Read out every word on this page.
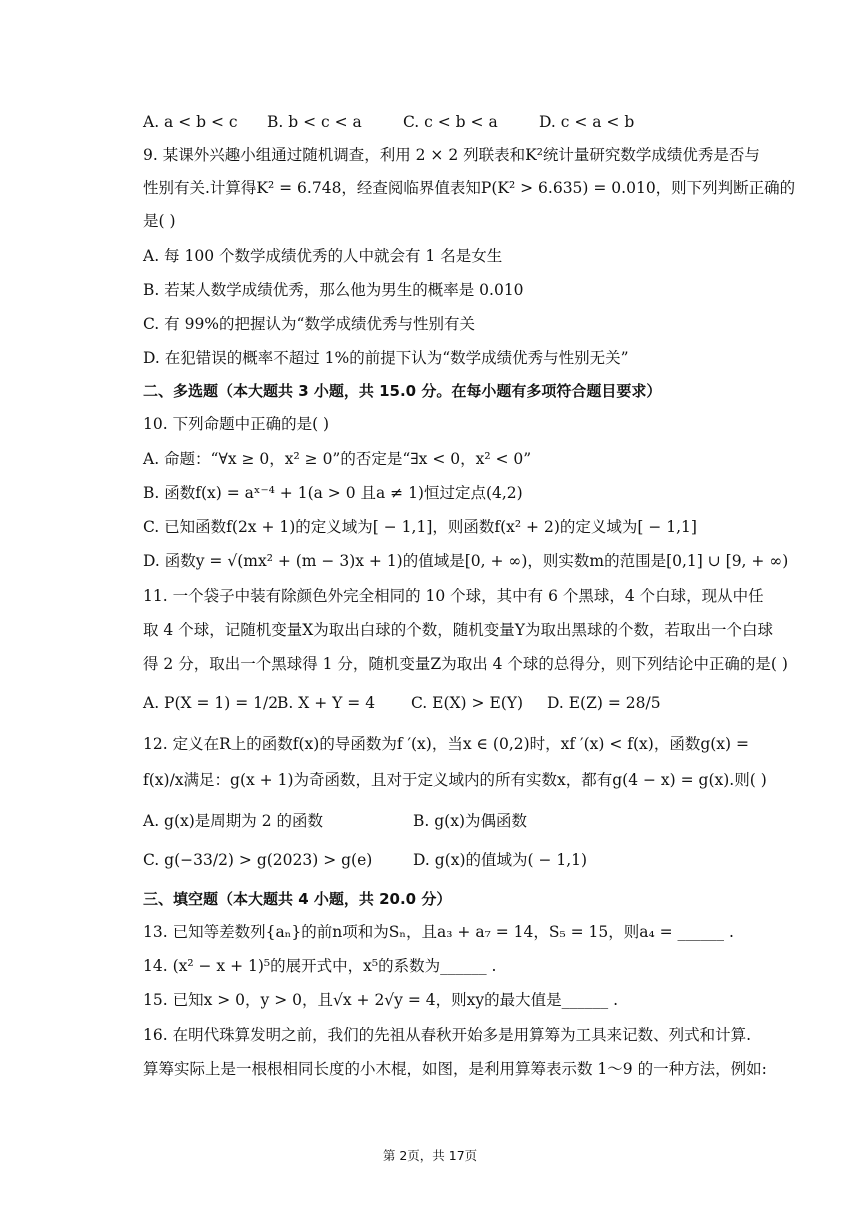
A. a < b < c B. b < c < a	C. c < b < a	D. c < a < b
9. 某课外兴趣小组通过随机调查，利用 2 × 2 列联表和K²统计量研究数学成绩优秀是否与
性别有关.计算得K² = 6.748，经查阅临界值表知P(K² > 6.635) = 0.010，则下列判断正确的
是( )
A. 每 100 个数学成绩优秀的人中就会有 1 名是女生
B. 若某人数学成绩优秀，那么他为男生的概率是 0.010
C. 有 99%的把握认为“数学成绩优秀与性别有关
D. 在犯错误的概率不超过 1%的前提下认为“数学成绩优秀与性别无关”
二、多选题（本大题共 3 小题，共 15.0 分。在每小题有多项符合题目要求）
10. 下列命题中正确的是( )
A. 命题：“∀x ≥ 0，x² ≥ 0”的否定是“∃x < 0，x² < 0”
B. 函数f(x) = aˣ⁻⁴ + 1(a > 0 且a ≠ 1)恒过定点(4,2)
C. 已知函数f(2x + 1)的定义域为[ − 1,1]，则函数f(x² + 2)的定义域为[ − 1,1]
D. 函数y = √(mx² + (m − 3)x + 1)的值域是[0, + ∞)，则实数m的范围是[0,1] ∪ [9, + ∞)
11. 一个袋子中装有除颜色外完全相同的 10 个球，其中有 6 个黑球，4 个白球，现从中任
取 4 个球，记随机变量X为取出白球的个数，随机变量Y为取出黑球的个数，若取出一个白球
得 2 分，取出一个黑球得 1 分，随机变量Z为取出 4 个球的总得分，则下列结论中正确的是( )
A. P(X = 1) = 1/2B. X + Y = 4 C. E(X) > E(Y) D. E(Z) = 28/5
12. 定义在R上的函数f(x)的导函数为f ′(x)，当x ∈ (0,2)时，xf ′(x) < f(x)，函数g(x) =
f(x)/x满足：g(x + 1)为奇函数，且对于定义域内的所有实数x，都有g(4 − x) = g(x).则( )
A. g(x)是周期为 2 的函数	B. g(x)为偶函数
C. g(−33/2) > g(2023) > g(e)	D. g(x)的值域为( − 1,1)
三、填空题（本大题共 4 小题，共 20.0 分）
13. 已知等差数列{aₙ}的前n项和为Sₙ，且a₃ + a₇ = 14，S₅ = 15，则a₄ = ______ .
14. (x² − x + 1)⁵的展开式中，x⁵的系数为______ .
15. 已知x > 0，y > 0，且√x + 2√y = 4，则xy的最大值是______ .
16. 在明代珠算发明之前，我们的先祖从春秋开始多是用算筹为工具来记数、列式和计算.
算筹实际上是一根根相同长度的小木棍，如图，是利用算筹表示数 1～9 的一种方法，例如:
第 2页，共 17页
